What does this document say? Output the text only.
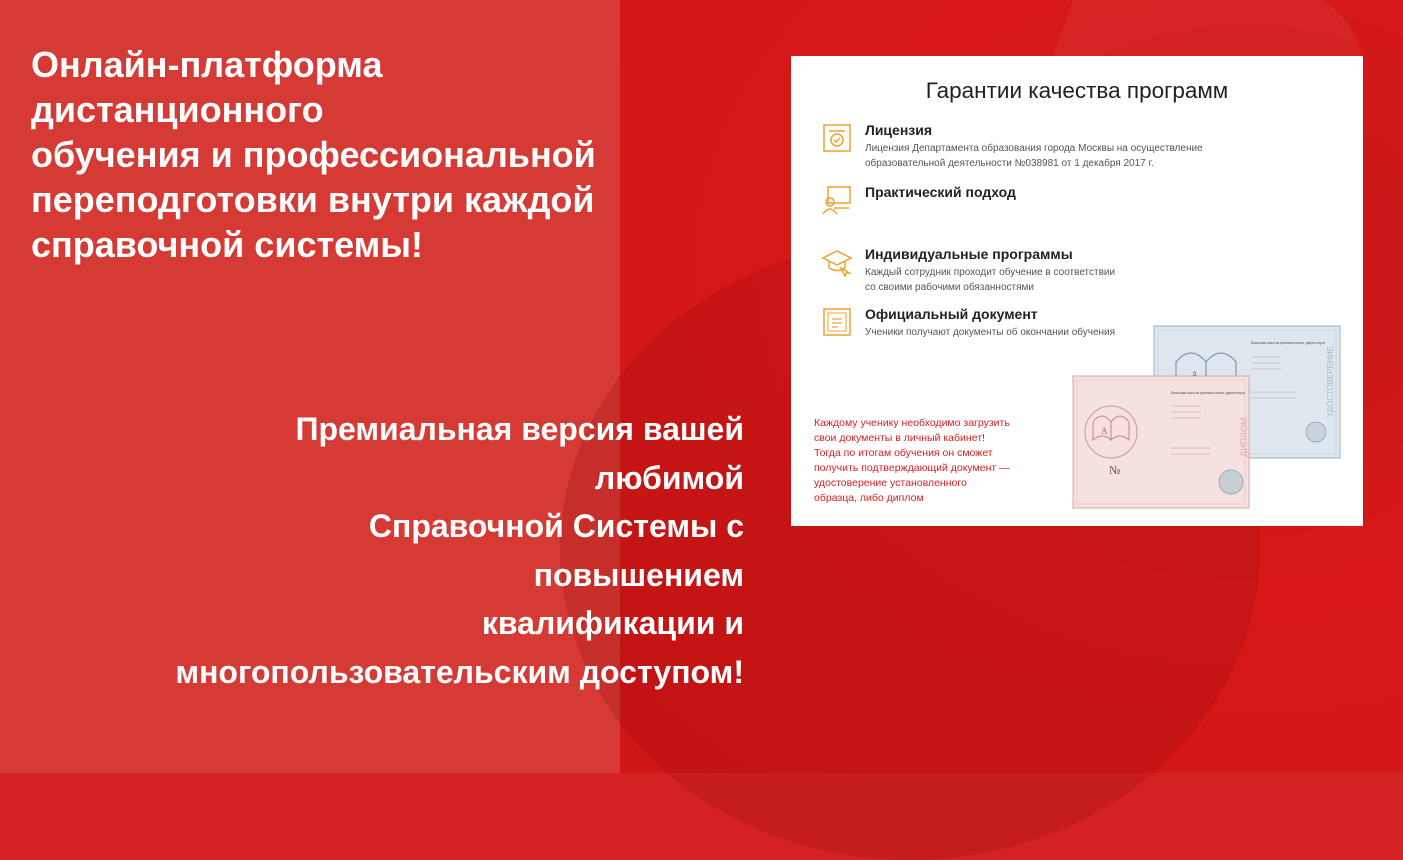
Онлайн-платформа
дистанционного
обучения и профессиональной
переподготовки внутри каждой
справочной системы!
Премиальная версия вашей
любимой
Справочной Системы с
повышением
квалификации и
многопользовательским доступом!
Гарантии качества программ
Лицензия
Лицензия Департамента образования города Москвы на осуществление
образовательной деятельности №038981 от 1 декабря 2017 г.
Практический подход
Индивидуальные программы
Каждый сотрудник проходит обучение в соответствии
со своими рабочими обязанностями
Официальный документ
Ученики получают документы об окончании обучения
Каждому ученику необходимо загрузить
свои документы в личный кабинет!
Тогда по итогам обучения он сможет
получить подтверждающий документ —
удостоверение установленного
образца, либо диплом
Высшая школа финансового директора
УДОСТОВЕРЕНИЕ
A
№
Высшая школа финансового директора
ДИПЛОМ
